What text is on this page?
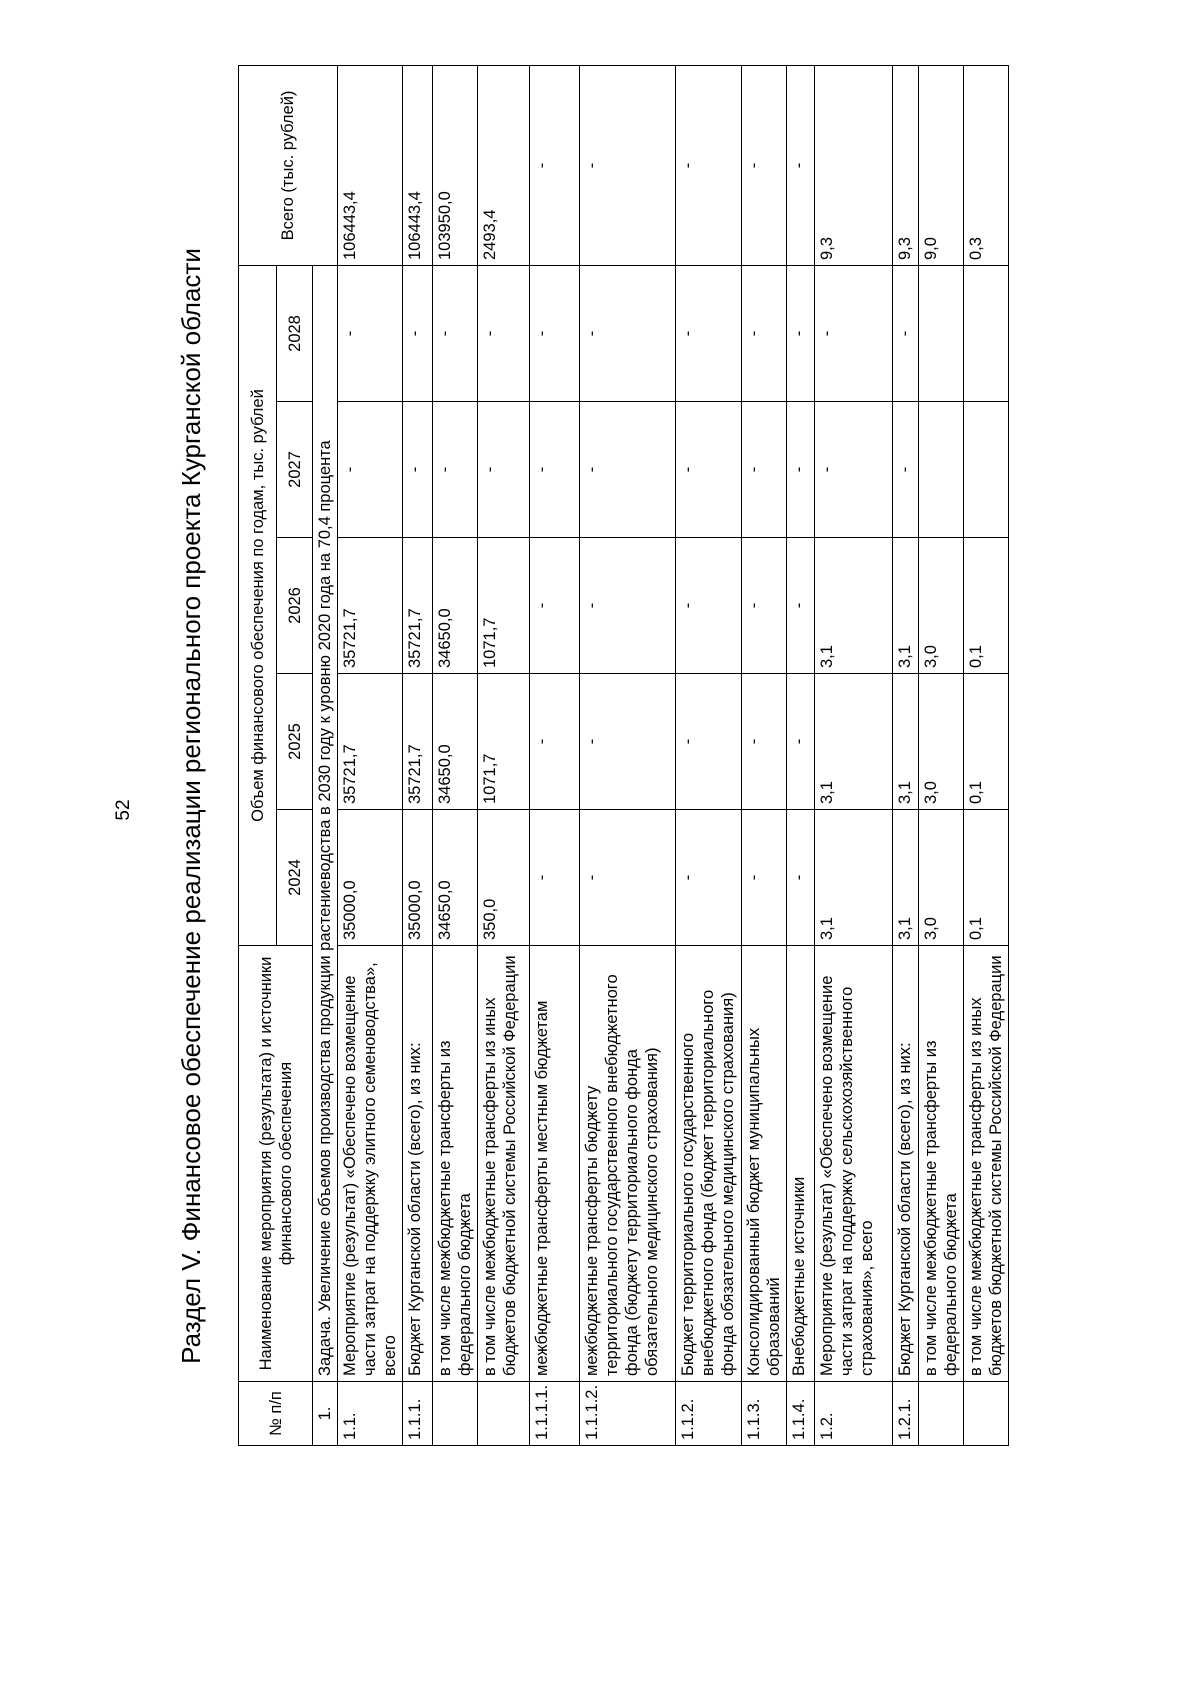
52 Раздел V. Финансовое обеспечение реализации регионального проекта Курганской области
№ п/п	Наименование мероприятия (результата) и источники финансового обеспечения	Объем финансового обеспечения по годам, тыс. рублей					Всего (тыс. рублей)
		2024	2025	2026	2027	2028	
1.	Задача. Увеличение объемов производства продукции растениеводства в 2030 году к уровню 2020 года на 70,4 процента						
1.1.	Мероприятие (результат) «Обеспечено возмещение части затрат на поддержку элитного семеноводства», всего	35000,0	35721,7	35721,7	-	-	106443,4
1.1.1.	Бюджет Курганской области (всего), из них:	35000,0	35721,7	35721,7	-	-	106443,4
	в том числе межбюджетные трансферты из федерального бюджета	34650,0	34650,0	34650,0	-	-	103950,0
	в том числе межбюджетные трансферты из иных бюджетов бюджетной системы Российской Федерации	350,0	1071,7	1071,7	-	-	2493,4
1.1.1.1.	межбюджетные трансферты местным бюджетам	-	-	-	-	-	-
1.1.1.2.	межбюджетные трансферты бюджету территориального государственного внебюджетного фонда (бюджету территориального фонда обязательного медицинского страхования)	-	-	-	-	-	-
1.1.2.	Бюджет территориального государственного внебюджетного фонда (бюджет территориального фонда обязательного медицинского страхования)	-	-	-	-	-	-
1.1.3.	Консолидированный бюджет муниципальных образований	-	-	-	-	-	-
1.1.4.	Внебюджетные источники	-	-	-	-	-	-
1.2.	Мероприятие (результат) «Обеспечено возмещение части затрат на поддержку сельскохозяйственного страхования», всего	3,1	3,1	3,1	-	-	9,3
1.2.1.	Бюджет Курганской области (всего), из них:	3,1	3,1	3,1	-	-	9,3
	в том числе межбюджетные трансферты из федерального бюджета	3,0	3,0	3,0			9,0
	в том числе межбюджетные трансферты из иных бюджетов бюджетной системы Российской Федерации	0,1	0,1	0,1			0,3
